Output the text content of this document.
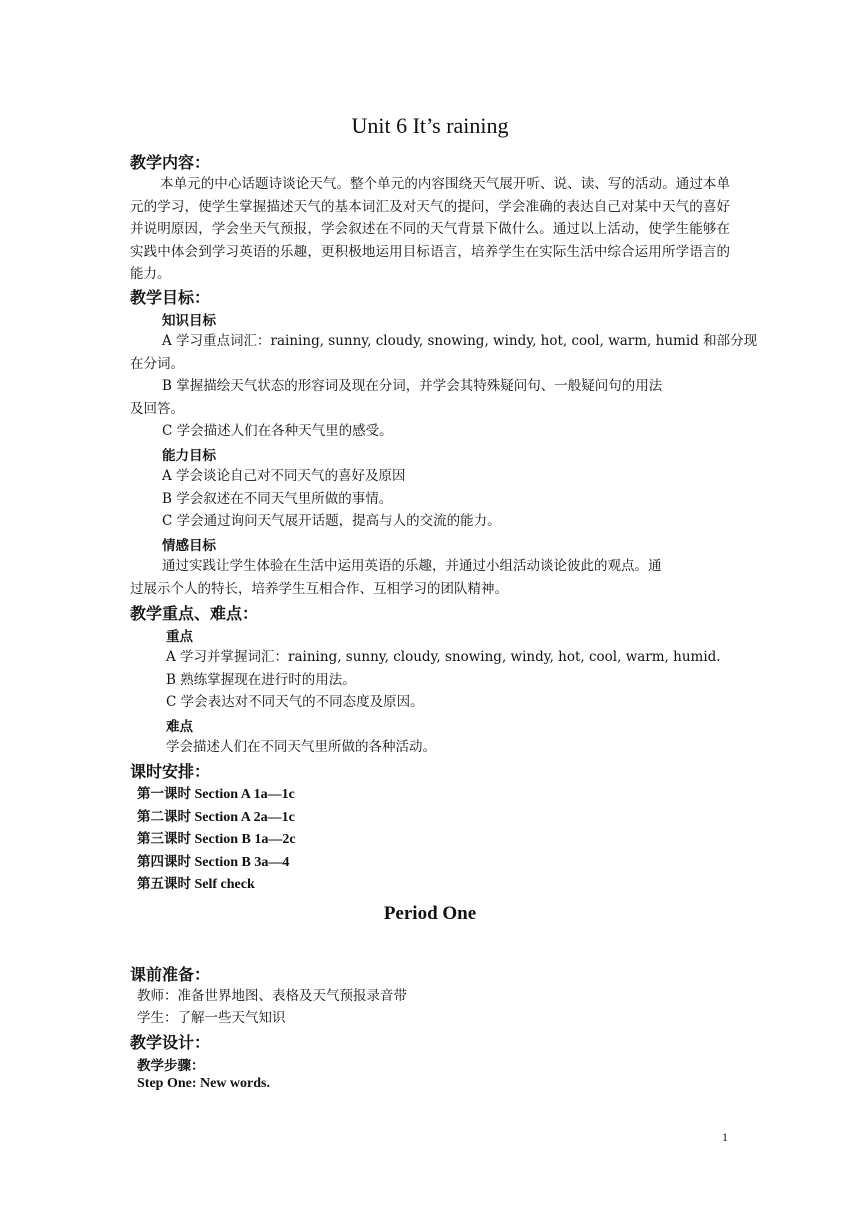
Unit 6 It’s raining
教学内容：
本单元的中心话题诗谈论天气。整个单元的内容围绕天气展开听、说、读、写的活动。通过本单元的学习，使学生掌握描述天气的基本词汇及对天气的提问，学会准确的表达自己对某中天气的喜好并说明原因，学会坐天气预报，学会叙述在不同的天气背景下做什么。通过以上活动，使学生能够在实践中体会到学习英语的乐趣，更积极地运用目标语言，培养学生在实际生活中综合运用所学语言的能力。
教学目标：
知识目标
A 学习重点词汇：raining, sunny, cloudy, snowing, windy, hot, cool, warm, humid 和部分现
在分词。
B 掌握描绘天气状态的形容词及现在分词，并学会其特殊疑问句、一般疑问句的用法
及回答。
C 学会描述人们在各种天气里的感受。
能力目标
A 学会谈论自己对不同天气的喜好及原因
B 学会叙述在不同天气里所做的事情。
C 学会通过询问天气展开话题，提高与人的交流的能力。
情感目标
通过实践让学生体验在生活中运用英语的乐趣，并通过小组活动谈论彼此的观点。通
过展示个人的特长，培养学生互相合作、互相学习的团队精神。
教学重点、难点：
重点
A 学习并掌握词汇：raining, sunny, cloudy, snowing, windy, hot, cool, warm, humid.
B 熟练掌握现在进行时的用法。
C 学会表达对不同天气的不同态度及原因。
难点
学会描述人们在不同天气里所做的各种活动。
课时安排：
第一课时 Section A 1a—1c
第二课时 Section A 2a—1c
第三课时 Section B 1a—2c
第四课时 Section B 3a—4
第五课时 Self check
Period One
课前准备：
教师：准备世界地图、表格及天气预报录音带
学生：了解一些天气知识
教学设计：
教学步骤：
Step One: New words.
1
